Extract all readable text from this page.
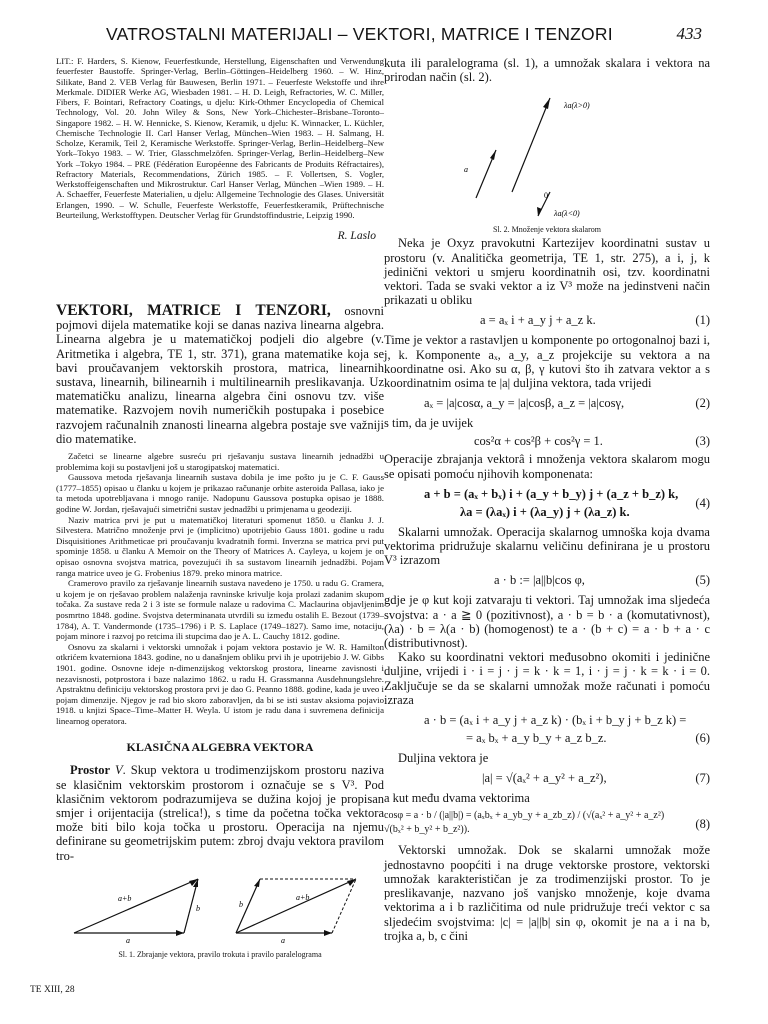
VATROSTALNI MATERIJALI – VEKTORI, MATRICE I TENZORI	433

LIT.: F. Harders, S. Kienow, Feuerfestkunde, Herstellung, Eigenschaften und Verwendung feuerfester Baustoffe. Springer-Verlag, Berlin–Göttingen–Heidelberg 1960. – W. Hinz, Silikate, Band 2. VEB Verlag für Bauwesen, Berlin 1971. – Feuerfeste Wekstoffe und ihre Merkmale. DIDIER Werke AG, Wiesbaden 1981. – H. D. Leigh, Refractories, W. C. Miller, Fibers, F. Bointari, Refractory Coatings, u djelu: Kirk-Othmer Encyclopedia of Chemical Technology, Vol. 20. John Wiley & Sons, New York–Chichester–Brisbane–Toronto–Singapore 1982. – H. W. Hennicke, S. Kienow, Keramik, u djelu: K. Winnacker, L. Küchler, Chemische Technologie II. Carl Hanser Verlag, München–Wien 1983. – H. Salmang, H. Scholze, Keramik, Teil 2, Keramische Werkstoffe. Springer-Verlag, Berlin–Heidelberg–New York–Tokyo 1983. – W. Trier, Glasschmelzöfen. Springer-Verlag, Berlin–Heidelberg–New York –Tokyo 1984. – PRE (Fédération Européenne des Fabricants de Produits Réfractaires), Refractory Materials, Recommendations, Zürich 1985. – F. Vollertsen, S. Vogler, Werkstoffeigenschaften und Mikrostruktur. Carl Hanser Verlag, München –Wien 1989. – H. A. Schaeffer, Feuerfeste Materialien, u djelu: Allgemeine Technologie des Glases. Universität Erlangen, 1990. – W. Schulle, Feuerfeste Werkstoffe, Feuerfestkeramik, Prüftechnische Beurteilung, Werkstofftypen. Deutscher Verlag für Grundstoffindustrie, Leipzig 1990.

R. Laslo

VEKTORI, MATRICE I TENZORI, osnovni pojmovi dijela matematike koji se danas naziva linearna algebra. Linearna algebra je u matematičkoj podjeli dio algebre (v. Aritmetika i algebra, TE 1, str. 371), grana matematike koja se bavi proučavanjem vektorskih prostora, matrica, linearnih sustava, linearnih, bilinearnih i multilinearnih preslikavanja. Uz matematičku analizu, linearna algebra čini osnovu tzv. više matematike. Razvojem novih numeričkih postupaka i posebice razvojem računalnih znanosti linearna algebra postaje sve važniji dio matematike.

Začetci se linearne algebre susreću pri rješavanju sustava linearnih jednadžbi u problemima koji su postavljeni još u starogipatskoj matematici.

Gaussova metoda rješavanja linearnih sustava dobila je ime pošto ju je C. F. Gauss (1777–1855) opisao u članku u kojem je prikazao računanje orbite asteroida Pallasa, iako je ta metoda upotrebljavana i mnogo ranije. Nadopunu Gaussova postupka opisao je 1888. godine W. Jordan, rješavajući simetrični sustav jednadžbi u primjenama u geodeziji.

Naziv matrica prvi je put u matematičkoj literaturi spomenut 1850. u članku J. J. Silvestera. Matrično množenje prvi je (implicitno) upotrijebio Gauss 1801. godine u radu Disquisitiones Arithmeticae pri proučavanju kvadratnih formi. Inverzna se matrica prvi put spominje 1858. u članku A Memoir on the Theory of Matrices A. Cayleya, u kojem je on opisao osnovna svojstva matrica, povezujući ih sa sustavom linearnih jednadžbi. Pojam ranga matrice uveo je G. Frobenius 1879. preko minora matrice.

Cramerovo pravilo za rješavanje linearnih sustava navedeno je 1750. u radu G. Cramera, u kojem je on rješavao problem nalaženja ravninske krivulje koja prolazi zadanim skupom točaka. Za sustave reda 2 i 3 iste se formule nalaze u radovima C. Maclaurina objavljenim posmrtno 1848. godine. Svojstva determinanata utvrdili su između ostalih E. Bezout (1739–1784), A. T. Vandermonde (1735–1796) i P. S. Laplace (1749–1827). Samo ime, notaciju, pojam minore i razvoj po retcima ili stupcima dao je A. L. Cauchy 1812. godine.

Osnovu za skalarni i vektorski umnožak i pojam vektora postavio je W. R. Hamilton otkrićem kvaterniona 1843. godine, no u današnjem obliku prvi ih je upotrijebio J. W. Gibbs 1901. godine. Osnovne ideje n-dimenzijskog vektorskog prostora, linearne zavisnosti i nezavisnosti, potprostora i baze nalazimo 1862. u radu H. Grassmanna Ausdehnungslehre. Apstraktnu definiciju vektorskog prostora prvi je dao G. Peanno 1888. godine, kada je uveo i pojam dimenzije. Njegov je rad bio skoro zaboravljen, da bi se isti sustav aksioma pojavio 1918. u knjizi Space–Time–Matter H. Weyla. U istom je radu dana i suvremena definicija linearnog operatora.

KLASIČNA ALGEBRA VEKTORA

Prostor V. Skup vektora u trodimenzijskom prostoru naziva se klasičnim vektorskim prostorom i označuje se s V³. Pod klasičnim vektorom podrazumijeva se dužina kojoj je propisan smjer i orijentacija (strelica!), s time da početna točka vektora može biti bilo koja točka u prostoru. Operacija na njemu definirane su geometrijskim putem: zbroj dvaju vektora pravilom tro-

a
b
a+b
a
b
a+b

Sl. 1. Zbrajanje vektora, pravilo trokuta i pravilo paralelograma

kuta ili paralelograma (sl. 1), a umnožak skalara i vektora na prirodan način (sl. 2).

a
0
λa(λ>0)
λa(λ<0)

Sl. 2. Množenje vektora skalarom

Neka je Oxyz pravokutni Kartezijev koordinatni sustav u prostoru (v. Analitička geometrija, TE 1, str. 275), a i, j, k jedinični vektori u smjeru koordinatnih osi, tzv. koordinatni vektori. Tada se svaki vektor a iz V³ može na jedinstveni način prikazati u obliku

a = aₓ i + a_y j + a_z k.	(1)

Time je vektor a rastavljen u komponente po ortogonalnoj bazi i, j, k. Komponente aₓ, a_y, a_z projekcije su vektora a na koordinatne osi. Ako su α, β, γ kutovi što ih zatvara vektor a s koordinatnim osima te |a| duljina vektora, tada vrijedi

aₓ = |a|cosα, a_y = |a|cosβ, a_z = |a|cosγ,	(2)

s tim, da je uvijek

cos²α + cos²β + cos²γ = 1.	(3)

Operacije zbrajanja vektorâ i množenja vektora skalarom mogu se opisati pomoću njihovih komponenata:

a + b = (aₓ + bₓ) i + (a_y + b_y) j + (a_z + b_z) k,
λa = (λaₓ) i + (λa_y) j + (λa_z) k.
(4)

Skalarni umnožak. Operacija skalarnog umnoška koja dvama vektorima pridružuje skalarnu veličinu definirana je u prostoru V³ izrazom

a · b := |a||b|cos φ,	(5)

gdje je φ kut koji zatvaraju ti vektori. Taj umnožak ima sljedeća svojstva: a · a ≧ 0 (pozitivnost), a · b = b · a (komutativnost), (λa) · b = λ(a · b) (homogenost) te a · (b + c) = a · b + a · c (distributivnost).

Kako su koordinatni vektori međusobno okomiti i jedinične duljine, vrijedi i · i = j · j = k · k = 1, i · j = j · k = k · i = 0. Zaključuje se da se skalarni umnožak može računati i pomoću izraza

a · b = (aₓ i + a_y j + a_z k) · (bₓ i + b_y j + b_z k) =
= aₓ bₓ + a_y b_y + a_z b_z.	(6)

Duljina vektora je

|a| = √(aₓ² + a_y² + a_z²),	(7)

a kut među dvama vektorima

cosφ = a · b / (|a||b|) = (aₓbₓ + a_yb_y + a_zb_z) / (√(aₓ² + a_y² + a_z²) √(bₓ² + b_y² + b_z²)).	(8)

Vektorski umnožak. Dok se skalarni umnožak može jednostavno poopćiti i na druge vektorske prostore, vektorski umnožak karakterističan je za trodimenzijski prostor. To je preslikavanje, nazvano još vanjsko množenje, koje dvama vektorima a i b različitima od nule pridružuje treći vektor c sa sljedećim svojstvima: |c| = |a||b| sin φ, okomit je na a i na b, trojka a, b, c čini

TE XIII, 28
